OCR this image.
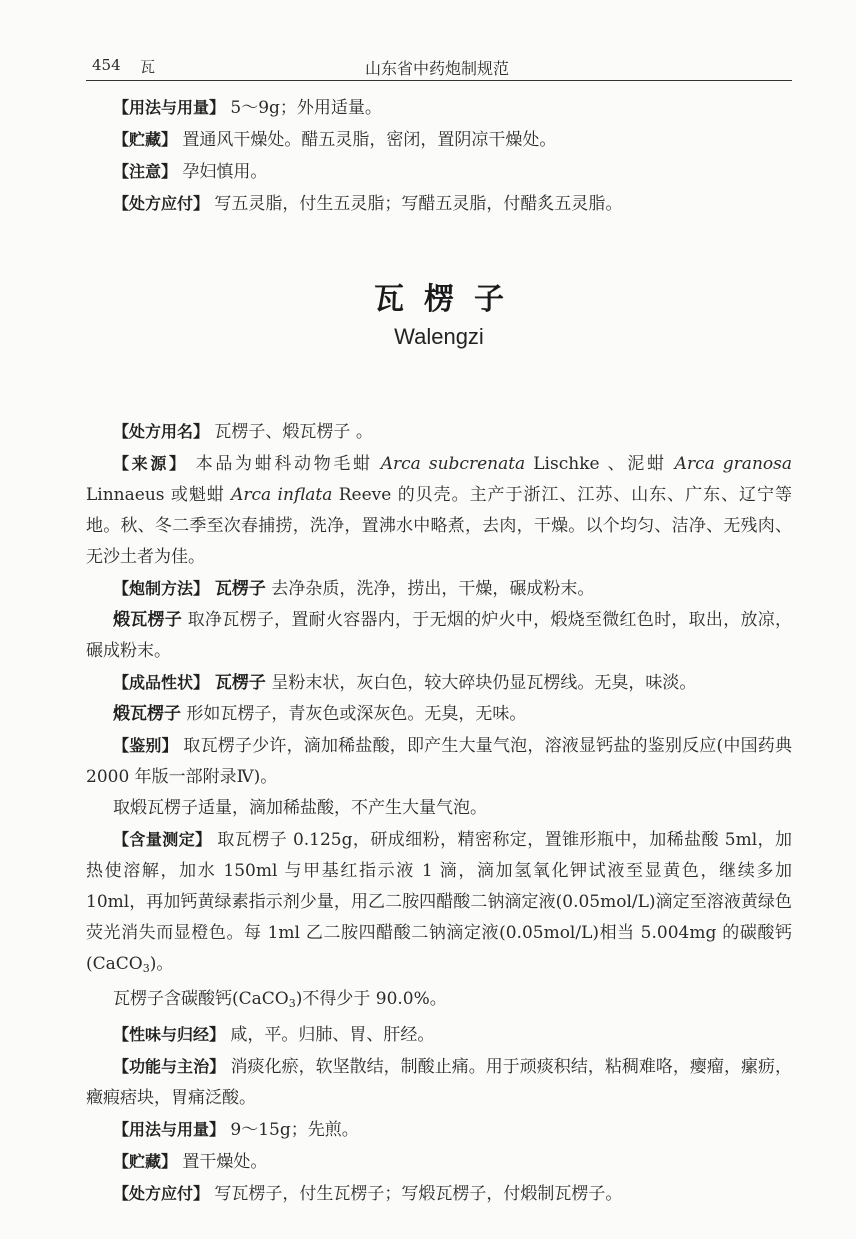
454 瓦	山东省中药炮制规范

【用法与用量】 5～9g；外用适量。

【贮藏】 置通风干燥处。醋五灵脂，密闭，置阴凉干燥处。

【注意】 孕妇慎用。

【处方应付】 写五灵脂，付生五灵脂；写醋五灵脂，付醋炙五灵脂。

瓦楞子

Walengzi

【处方用名】 瓦楞子、煅瓦楞子 。

【来源】 本品为蚶科动物毛蚶 Arca subcrenata Lischke 、泥蚶 Arca granosa Linnaeus 或魁蚶 Arca inflata Reeve 的贝壳。主产于浙江、江苏、山东、广东、辽宁等地。秋、冬二季至次春捕捞，洗净，置沸水中略煮，去肉，干燥。以个均匀、洁净、无残肉、无沙土者为佳。

【炮制方法】 瓦楞子 去净杂质，洗净，捞出，干燥，碾成粉末。

煅瓦楞子 取净瓦楞子，置耐火容器内，于无烟的炉火中，煅烧至微红色时，取出，放凉，碾成粉末。

【成品性状】 瓦楞子 呈粉末状，灰白色，较大碎块仍显瓦楞线。无臭，味淡。

煅瓦楞子 形如瓦楞子，青灰色或深灰色。无臭，无味。

【鉴别】 取瓦楞子少许，滴加稀盐酸，即产生大量气泡，溶液显钙盐的鉴别反应(中国药典 2000 年版一部附录Ⅳ)。

取煅瓦楞子适量，滴加稀盐酸，不产生大量气泡。

【含量测定】 取瓦楞子 0.125g，研成细粉，精密称定，置锥形瓶中，加稀盐酸 5ml，加热使溶解，加水 150ml 与甲基红指示液 1 滴，滴加氢氧化钾试液至显黄色，继续多加 10ml，再加钙黄绿素指示剂少量，用乙二胺四醋酸二钠滴定液(0.05mol/L)滴定至溶液黄绿色荧光消失而显橙色。每 1ml 乙二胺四醋酸二钠滴定液(0.05mol/L)相当 5.004mg 的碳酸钙(CaCO$_3$)。

瓦楞子含碳酸钙(CaCO$_3$)不得少于 90.0%。

【性味与归经】 咸，平。归肺、胃、肝经。

【功能与主治】 消痰化瘀，软坚散结，制酸止痛。用于顽痰积结，粘稠难咯，瘿瘤，瘰疬，癥瘕痞块，胃痛泛酸。

【用法与用量】 9～15g；先煎。

【贮藏】 置干燥处。

【处方应付】 写瓦楞子，付生瓦楞子；写煅瓦楞子，付煅制瓦楞子。
